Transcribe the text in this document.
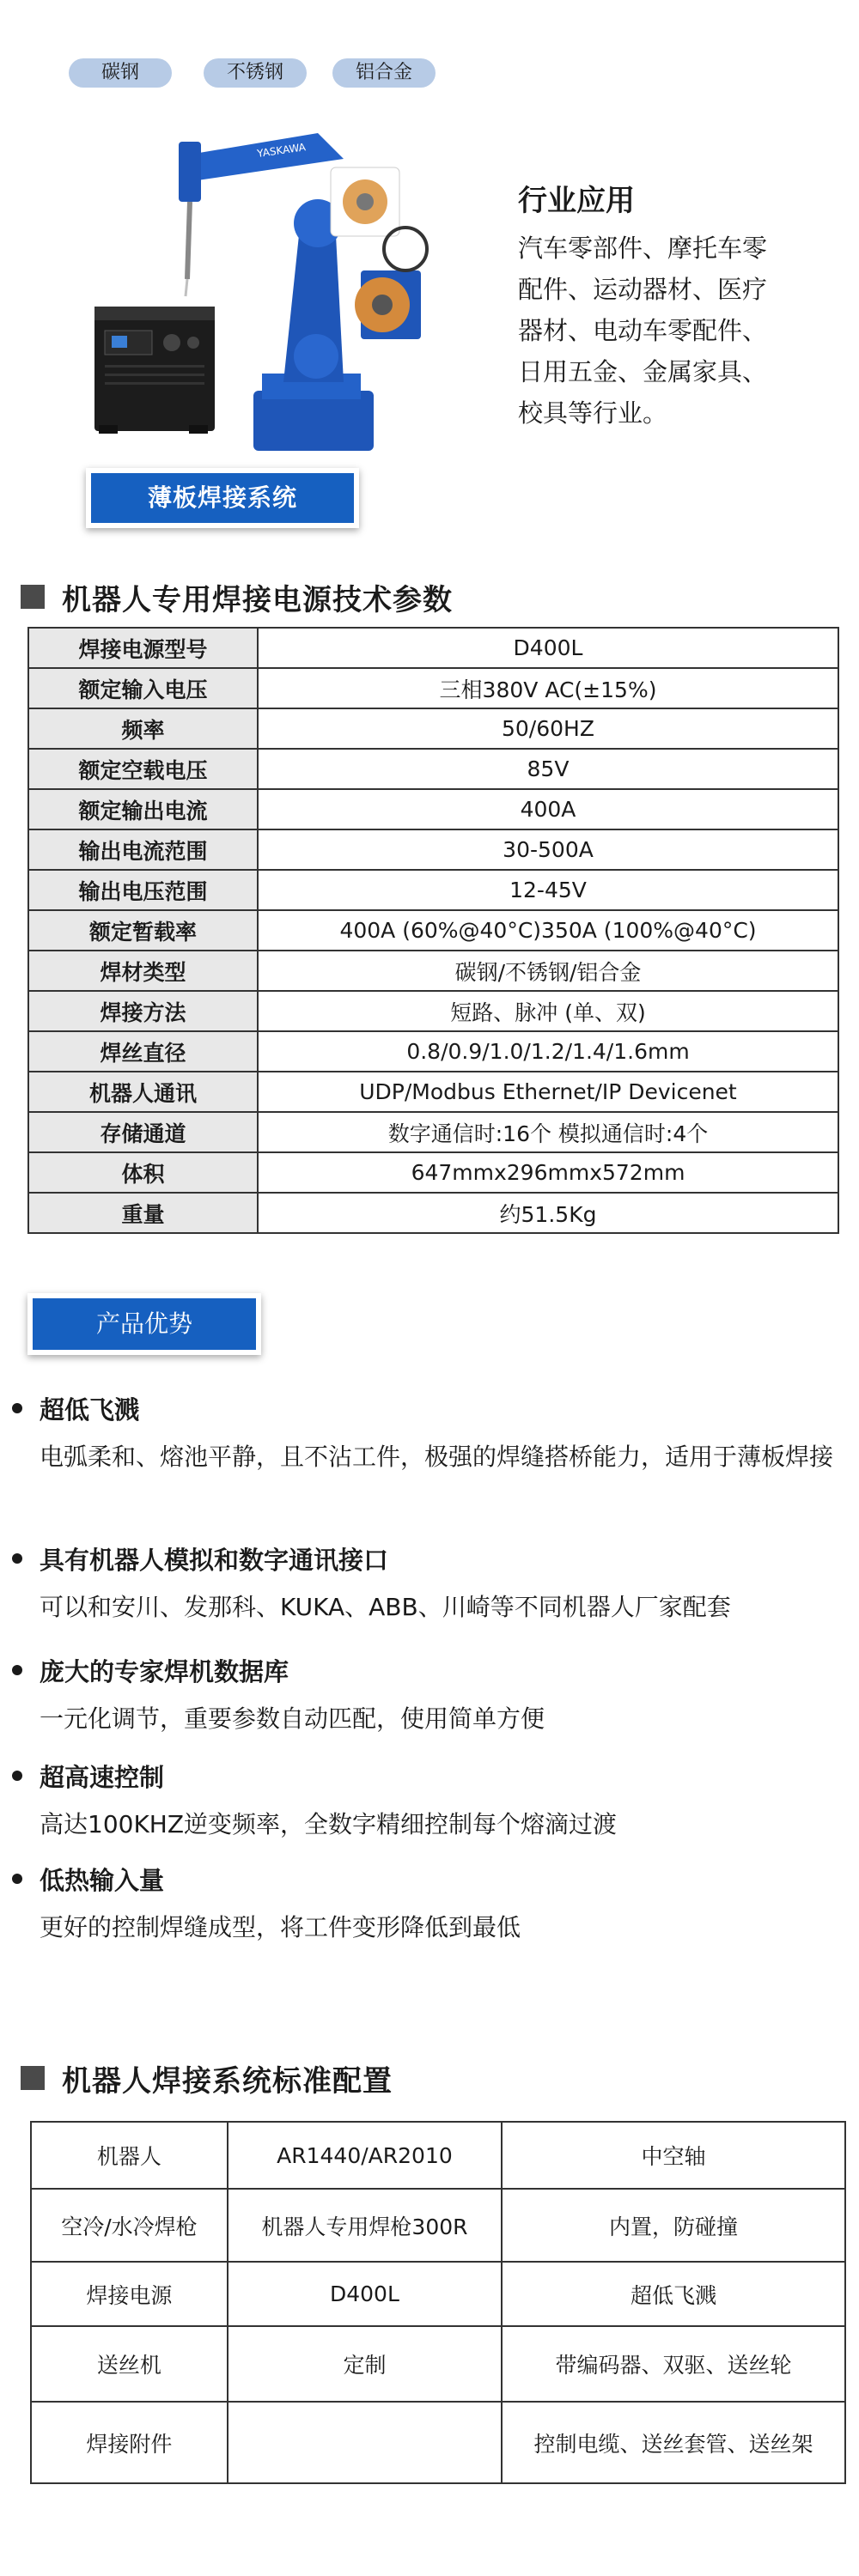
碳钢	不锈钢	铝合金
YASKAWA
行业应用
汽车零部件、摩托车零
配件、运动器材、医疗
器材、电动车零配件、
日用五金、金属家具、
校具等行业。
薄板焊接系统
机器人专用焊接电源技术参数
焊接电源型号	D400L
额定输入电压	三相380V AC(±15%)
频率	50/60HZ
额定空载电压	85V
额定输出电流	400A
输出电流范围	30-500A
输出电压范围	12-45V
额定暂载率	400A (60%@40°C)350A (100%@40°C)
焊材类型	碳钢/不锈钢/铝合金
焊接方法	短路、脉冲 (单、双)
焊丝直径	0.8/0.9/1.0/1.2/1.4/1.6mm
机器人通讯	UDP/Modbus Ethernet/IP Devicenet
存储通道	数字通信时:16个 模拟通信时:4个
体积	647mmx296mmx572mm
重量	约51.5Kg
产品优势
超低飞溅
电弧柔和、熔池平静，且不沾工件，极强的焊缝搭桥能力，适用于薄板焊接
具有机器人模拟和数字通讯接口
可以和安川、发那科、KUKA、ABB、川崎等不同机器人厂家配套
庞大的专家焊机数据库
一元化调节，重要参数自动匹配，使用简单方便
超高速控制
高达100KHZ逆变频率，全数字精细控制每个熔滴过渡
低热输入量
更好的控制焊缝成型，将工件变形降低到最低
机器人焊接系统标准配置
机器人	AR1440/AR2010	中空轴
空冷/水冷焊枪	机器人专用焊枪300R	内置，防碰撞
焊接电源	D400L	超低飞溅
送丝机	定制	带编码器、双驱、送丝轮
焊接附件		控制电缆、送丝套管、送丝架
